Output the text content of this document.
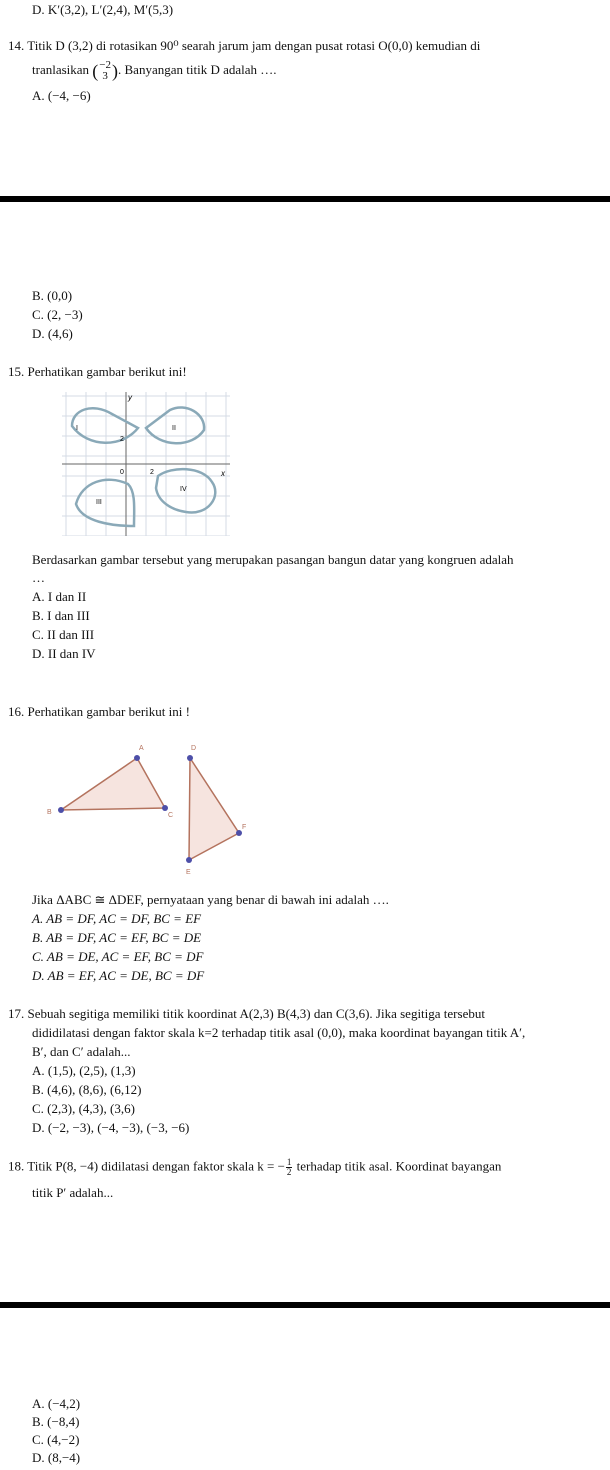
D. K′(3,2), L′(2,4), M′(5,3)
14. Titik D (3,2) di rotasikan 90⁰ searah jarum jam dengan pusat rotasi O(0,0) kemudian di
tranlasikan (−2
3 ). Banyangan titik D adalah ….
A. (−4, −6)
B. (0,0)
C. (2, −3)
D. (4,6)
15. Perhatikan gambar berikut ini!
y
x
0
2
2
I	II
III
IV
Berdasarkan gambar tersebut yang merupakan pasangan bangun datar yang kongruen adalah
…
A. I dan II
B. I dan III
C. II dan III
D. II dan IV
16. Perhatikan gambar berikut ini !
A
B	C
D
E
F
Jika ΔABC ≅ ΔDEF, pernyataan yang benar di bawah ini adalah ….
A. AB = DF, AC = DF, BC = EF
B. AB = DF, AC = EF, BC = DE
C. AB = DE, AC = EF, BC = DF
D. AB = EF, AC = DE, BC = DF
17. Sebuah segitiga memiliki titik koordinat A(2,3) B(4,3) dan C(3,6). Jika segitiga tersebut
dididilatasi dengan faktor skala k=2 terhadap titik asal (0,0), maka koordinat bayangan titik A′,
B′, dan C′ adalah...
A. (1,5), (2,5), (1,3)
B. (4,6), (8,6), (6,12)
C. (2,3), (4,3), (3,6)
D. (−2, −3), (−4, −3), (−3, −6)
18. Titik P(8, −4) didilatasi dengan faktor skala $k = -\frac{1}{2}$ terhadap titik asal. Koordinat bayangan
titik P′ adalah...
A. (−4,2)
B. (−8,4)
C. (4,−2)
D. (8,−4)
